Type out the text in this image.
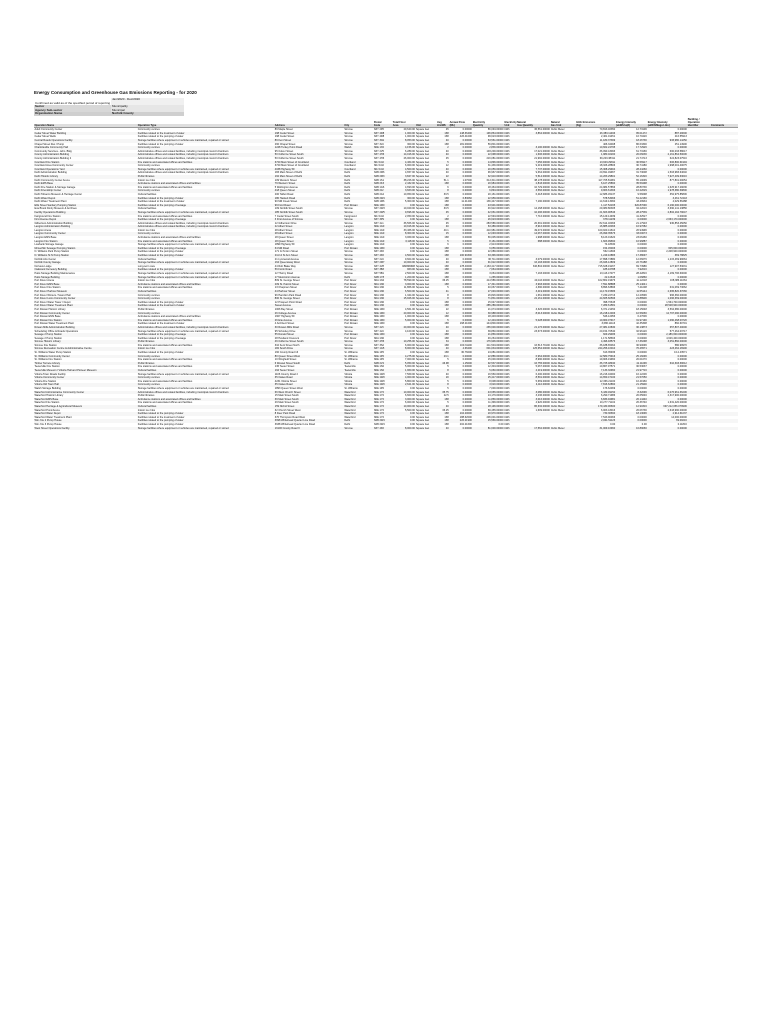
Energy Consumption and Greenhouse Gas Emissions Reporting - for 2020
	Jan/2020 - Dec/2020
Confirmed as valid as of the specified period of reporting	
Sector	Municipality
Agency Sub-sector	Municipal
Organization Name	Norfolk County
				Postal	Total Floor		Avg	Annual Flow	Electricity	Electricity	Natural	Natural	GHG Emissions	Energy Intensity	Energy Intensity	Building / Operation	
Operation Name	Operation Type	Address	City	Code	Area	Unit	Hrs/Wk	(ML)	Quantity	Unit	Gas Quantity	Gas Unit	(Kg)	(ekWh/sqft)	(ekWh/Mega Litre)	Identifier	Comments
Adult Community Center	Community centres	89 Maple Street	Simcoe	N3Y 2P6	29,640.00	Square feet	45	0.00000	86,094.00000	kWh	36,561.00000	Cubic Meter	70,813.46350	12.73106	0.00000		
Cedar Street Water Building	Facilities related to the treatment of water	198 Cedar Street	Simcoe	N3Y 4R8	1,000.00	Square feet	168	148.36400	196,864.00000	kWh	3,864.00000	Cubic Meter	26,383.11496	95.01472	887.29600		
Cedar Street Wells	Facilities related to the pumping of water	198 Cedar Street	Simcoe	N3Y 4R8	1,000.00	Square feet	168	426.41000	99,623.00000	kWh			2,461.01451	16.70420	216.55913		
Central Roads Operations Facility	Storage facilities where equipment or vehicles are maintained, repaired or stored	89 Kent Street	Simcoe	N3Y 3A9	8,053.00	Square feet	40	0.00000	63,561.00000	kWh			11,180.37399	18.26736	933,980.14250		
Chapel Street Res / Pump	Facilities related to the pumping of water	260 Chapel Street	Simcoe	N3Y 3L9	300.00	Square feet	168	181.09000	56,801.00000	kWh			406.34008	86.63300	251.14900		
Charlotteville Community Hall	Community centres	1248 Turkey Point Road	Walsh	N0E 1X0	4,156.00	Square feet	2	0.00000	2,836.00000	kWh	3,100.00000	Cubic Meter	10,662.24795	17.72926	0.00000		
Community Services - Adm. Bldg	Administrative offices and related facilities, including municipal council chambers	95 Culver Street	Simcoe	N3Y 2V5	6,289.00	Square feet	40	0.00000	103,200.00000	kWh	17,021.00000	Cubic Meter	36,090.43093	61.73166	600,033.58017		
County Administration Building	Administrative offices and related facilities, including municipal council chambers	50 Colborne Street South	Simcoe	N3Y 4H3	14,016.00	Square feet	40	0.00000	22,698.00000	kWh	1,606.00000	Cubic Meter	1,980.02200	20.06036	2,161,864.50006		
County Administration Building 2	Administrative offices and related facilities, including municipal council chambers	50 Colborne Street South	Simcoe	N3Y 4H3	26,000.00	Square feet	45	0.00000	216,081.00000	kWh	21,992.00000	Cubic Meter	69,203.38311	21.74713	624,823.07516		
Courtland Fire Station	Fire stations and associated offices and facilities	3720 Main Street of Courtland	Courtland	N0J 1G0	4,464.00	Square feet	5	0.00000	14,896.00000	kWh	7,056.00000	Cubic Meter	13,603.29811	30.56917	606,800.61994		
Courtland Area Community Center	Community centres	3720 Main Street of Courtland	Courtland	N0J 1G0	6,000.00	Square feet	12	0.00000	31,436.00000	kWh	9,219.00000	Cubic Meter	18,326.28806	30.74180	1,998,001.40075		
Courtland Operations Yard	Storage facilities where equipment or vehicles are maintained, repaired or stored	4038 Highway 59	Courtland	N0J 1G0	4,500.00	Square feet	40	0.00000	20,056.00000	kWh	7,737.00000	Cubic Meter	15,308.29904	28.44260	0.00000		
Delhi Administration Building	Administrative offices and related facilities, including municipal council chambers	183 Main Street of Delhi	Delhi	N4B 2M6	4,657.00	Square feet	40	0.00000	96,967.00000	kWh	9,664.00000	Cubic Meter	20,691.49967	31.73008	1,503,983.64640		
Delhi Historic Library	Public libraries	192 Main Street of Delhi	Delhi	N4B 2M3	3,847.00	Square feet	22	0.00000	32,910.00000	kWh	5,514.00000	Cubic Meter	14,263.29801	52.16320	7,927,409.63016		
Delhi Community Center Arena	Indoor ice rinks	109 Western Street	Delhi	N4B 1S1	38,226.00	Square feet	51.1	1.07000	612,611.00000	kWh	38,178.00000	Cubic Meter	117,705.81081	65.10099	877,801.00054		
Delhi EMS Base	Ambulance stations and associated offices and facilities	79 Western Street	Delhi	N4B 2K3	2,432.00	Square feet	168	0.00000	20,984.00000	kWh	2,843.00000	Cubic Meter	6,107.25860	35.59498	0.00000		
Delhi Fire Station & Storage Garage	Fire stations and associated offices and facilities	5 Wellington Avenue	Delhi	N4B 1G6	4,693.00	Square feet	6	0.00000	18,464.00000	kWh	10,729.00000	Cubic Meter	24,984.57856	28.80736	1,625,917.29036		
Delhi Friendship Center	Community centres	418 Queen Street	Delhi	N4B 2J2	3,663.00	Square feet	8	0.00000	6,894.00000	kWh	3,566.00000	Cubic Meter	9,963.61366	16.22629	1,978,380.39800		
Delhi Tobacco Museum & Heritage Center	Cultural facilities	200 Talbot Road	Delhi	N4B 2A2	10,950.00	Square feet	33.5	0.00000	20,161.00000	kWh	6,418.00000	Cubic Meter	12,686.45137	9.56698	352,975.85806		
Delhi Water Depot	Facilities related to the pumping of water	180 Hackett Road	Delhi	N4B 2W4	300.00	Square feet	168	6.83060	22,959.00000	kWh			578.53066	51.22166	3,461.72443		
Delhi Water Treatment Plant	Facilities related to the treatment of water	90 Mill Creek Street	Delhi	N4B 1M6	5,300.00	Square feet	168	11.21200	136,447.00000	kWh	7,190.00000	Cubic Meter	14,619.13060	43.49934	4,029.56488		
Ellis Street Sanitary Pumping Station	Facilities related to the pumping of sewage	99 Ford Road	Port Rowan	N0E 1M0	0.00	Square feet	168	0.00000	43,901.00000	kWh			1,117.52165	620.87090	6,190,000.00000		
Eva Brook Donly Museum & Archives	Cultural facilities	109 Norfolk Street South	Simcoe	N3Y 2W3	10,029.00	Square feet	33.5	0.00000	46,922.00000	kWh	14,168.00000	Cubic Meter	29,080.80305	34.22016	3,690,141.13856		
Facility Operations Building	Storage facilities where equipment or vehicles are maintained, repaired or stored	185 Norfolk Street South	Simcoe	N3Y 2W5	9,696.00	Square feet	45	0.00000	42,661.00000	kWh	10,296.00000	Cubic Meter	21,603.96546	28.47539	2,802,194.79047		
Fairground Fire Station	Fire stations and associated offices and facilities	7 Cedar Street South	Fairground	N0J 1G0	2,050.00	Square feet	2	0.00000	22,594.00000	kWh	7,716.00000	Cubic Meter	15,129.14939	41.32527	0.00000		
First Avenue Depot	Facilities related to the pumping of sewage	3 First Avenue of Simcoe	Simcoe	N3Y 3P9	0.00	Square feet	168	0.00000	26,623.00000	kWh			678.11239	0.00000	2,663,170.000000		
Gilbertson Administration Building	Administrative offices and related facilities, including municipal council chambers	12 Gilbertson Drive	Simcoe	N3Y 4L1	36,566.00	Square feet	45	0.00000	283,586.00000	kWh	20,691.00000	Cubic Meter	82,614.46066	21.17903	930,853.45050		
Langton Administration Building	Administrative offices and related facilities, including municipal council chambers	22 Albert Street	Langton	N0E 1G0	10,916.00	Square feet	40	0.00000	63,489.00000	kWh	8,916.00000	Cubic Meter	16,885.46066	16.97082	0.00000		
Langton Arena	Indoor ice rinks	28 Albert Street	Langton	N0E 1G0	33,466.00	Square feet	40.1	0.00000	410,981.00000	kWh	49,074.00000	Cubic Meter	100,920.41610	26.94996	0.00000		
Langton Community Center	Community centres	28 Albert Street	Langton	N0E 1G0	8,300.00	Square feet	15	0.00000	12,093.00000	kWh	14,067.00000	Cubic Meter	26,099.35676	33.00073	0.00000		
Langton EMS Base	Ambulance stations and associated offices and facilities	18 Queen Street	Langton	N0E 1G0	3,069.00	Square feet	168	0.00000	66,005.00000	kWh	1,998.00000	Cubic Meter	8,123.01620	23.06460	0.00000		
Langton Fire Station	Fire stations and associated offices and facilities	18 Queen Street	Langton	N0E 1G0	3,118.00	Square feet	5	0.00000	8,161.00000	kWh	688.00000	Cubic Meter	1,603.99660	16.96887	0.00000		
Lowbank Storage Garage	Storage facilities where equipment or vehicles are maintained, repaired or stored	1899 Highway 59	Langton	N0E 1G0	0.00	Square feet	6	0.00000	2,913.00000	kWh			74.18330	0.00000	0.00000		
McLachlin Sewage Pumping Station	Facilities related to the pumping of sewage	34 Mill Road	Port Rowan	N0E 1M0	0.00	Square feet	168	0.00000	6,056.00000	kWh			154.45006	0.00000	605,600.000000		
N. Williams Park Pump Station	Facilities related to the pumping of water	171 Ivl St Ann Street	Simcoe	N3Y 4K6	0.00	Square feet	168	0.00000	22,089.00000	kWh			562.11696	0.00000	2,208,900.000000		
N. Williams St N Pump Station	Facilities related to the pumping of water	211 Ivl St Ann Street	Simcoe	N3Y 4K6	4,500.00	Square feet	168	100.90300	33,396.00000	kWh			1,249.10883	17.38097	369.78825		
Norfolk Arts Center	Cultural facilities	21 Lynnwood Avenue	Simcoe	N3Y 2L9	9,604.00	Square feet	40	0.00000	36,711.00000	kWh	3,079.00000	Cubic Meter	17,898.72880	12.66676	1,215,469.99664		
Norfolk County Garage	Storage facilities where equipment or vehicles are maintained, repaired or stored	164 Queensway West	Simcoe	N3Y 2M7	10,000.00	Square feet	40	0.00000	91,622.00000	kWh	16,193.00000	Cubic Meter	26,946.12809	22.76188	0.00000		
Norview Lodge	Long-term care	44 Rob Blake Way	Simcoe	N3Y 4V8	#########	Square feet	168	178.40000	2,163,417.00000	kWh	346,804.00000	Cubic Meter	715,628.19267	69.73986	127,907.53031		
Oakwood Cemetery Building	Facilities related to the pumping of water	56 Fortin Road	Simcoe	N3Y 3B3	963.00	Square feet	168	0.00000	7,664.00000	kWh			185.16788	7.92016	0.00000		
Patio Storage Building Maintenance	Storage facilities where equipment or vehicles are maintained, repaired or stored	12 Thorny Road	Simcoe	N3Y 5B1	2,500.00	Square feet	168	0.00000	3,064.00000	kWh	7,193.00000	Cubic Meter	13,116.47077	28.42816	4,169,796.60000		
Patio Storage Building	Storage facilities where equipment or vehicles are maintained, repaired or stored	17 Mexicomm Avenue	Delhi	N4B 1Y8	1,200.00	Square feet	168	0.00000	1,265.00000	kWh			22.12643	1.06860	0.00000		
Port Dover Arena	Indoor ice rinks	809 St. George Street	Port Dover	N0A 1N4	78,599.00	Square feet	36.25	2.46500	414,586.00000	kWh	40,116.00000	Cubic Meter	102,862.19976	11.12218	168,386.11664		
Port Dover EMS Base	Ambulance stations and associated offices and facilities	209 St. Patrick Street	Port Dover	N0A 1N0	3,000.00	Square feet	168	0.00000	17,341.00000	kWh	3,993.00000	Cubic Meter	7,591.88888	25.14041	0.00000		
Port Dover Fire Station	Fire stations and associated offices and facilities	13 Chapman Street	Port Dover	N0A 1N0	11,866.00	Square feet	5	0.00000	40,067.00000	kWh	4,390.00000	Cubic Meter	8,896.63896	7.41008	631,069.73662		
Port Dover Harbour Museum	Cultural facilities	44 Harbour Street	Port Dover	N0A 1N0	6,500.00	Square feet	41	0.00000	27,049.00000	kWh	3,419.00000	Cubic Meter	14,170.15686	11.55144	2,695,820.37066		
Port Dover Winters / Sound Hall	Community centres	96 Hamilton Park Road	Port Dover	N0A 1N0	1,344.00	Square feet	8	0.00000	26,826.00000	kWh	1,661.00000	Cubic Meter	7,230.22716	12.20596	996,360.00000		
Port Dover Lions Community Center	Community centres	800 St. George Street	Port Dover	N0A 1N0	15,926.00	Square feet	8	0.00000	71,831.00000	kWh	22,161.00000	Cubic Meter	44,665.60596	21.88906	1,096,369.00000		
Port Dover Water Tower / Depot	Facilities related to the pumping of water	12 Prospect Point Road	Port Dover	N0A 1N0	0.00	Square feet	168	0.00000	15,647.00000	kWh			398.76645	0.00000	1,564,700.000000		
Port Dover Water Treatment Plant	Facilities related to the treatment of water	Sweet Avenue	Port Dover	N0A 1N0	0.00	Square feet	168	0.00000	285,289.00000	kWh			7,289.61581	0.00000	28,528,900.000000		
Port Rowan Historic Library	Public libraries	1006 Bay Street	Port Rowan	N0E 1M0	4,561.00	Square feet	22	0.00000	21,074.00000	kWh	3,326.00000	Cubic Meter	6,371.21450	18.15648	3,564,680.00000		
Port Rowan Community Center	Community centres	26 College Avenue	Port Rowan	N0E 1M0	20,000.00	Square feet	12	0.00000	30,988.00000	kWh	8,013.00000	Cubic Meter	16,218.12006	10.56066	12,797,090.00000		
Port Rowan EMS Base	Ambulance stations and associated offices and facilities	1607 Highway 59	Port Rowan	N0E 1M0	1,000.00	Square feet	168	0.00000	18,403.00000	kWh			546.12056	6.47606	0.00000		
Port Rowan Fire Station	Fire stations and associated offices and facilities	26 Erie Avenue	Port Rowan	N0E 1M0	5,000.00	Square feet	5	0.00000	12,404.00000	kWh	5,028.00000	Cubic Meter	10,960.07917	31.97190	1,090,468.03720		
Port Rowan Water Treatment Plant	Facilities related to the treatment of water	4 Architect Street	Port Rowan	N0E 1M0	0.00	Square feet	168	168.21000	144,800.00000	kWh			3,686.11116	42.35308	860.60701		
Rowan Mills Administration Building	Administrative offices and related facilities, including municipal council chambers	30 Rowan Mills Road	Simcoe	N3Y 4L5	20,000.00	Square feet	40	0.00000	265,600.00000	kWh	21,176.00000	Cubic Meter	27,081.16830	36.13873	657,807.40000		
Scheduling Office & Roads Operations	Storage facilities where equipment or vehicles are maintained, repaired or stored	95 Schooley Drive	Simcoe	N3Y 4L9	4,100.00	Square feet	40	0.00000	39,860.00000	kWh	23,673.00000	Cubic Meter	20,154.70540	32.96120	577,264.03717		
Sewage 2 Pump Station	Facilities related to the pumping of sewage	55 Donald Street	Port Rowan	N0E 1M0	0.00	Square feet	168	0.00000	21,866.00000	kWh			609.29486	0.00000	2,186,600.000000		
Sewage 2 Pump Station	Facilities related to the pumping of sewage	28 Haviland Crescent	Port Dover	N0A 1N0	0.00	Square feet	168	0.00000	46,264.00000	kWh			1,171.58666	0.00000	4,626,400.000000		
Simcoe Historic Library	Public libraries	46 Colborne Street South	Simcoe	N3Y 4H3	10,256.00	Square feet	34	0.00000	176,906.00000	kWh			4,496.93576	17.36298	3,051,860.00000		
Simcoe Fire Station	Fire stations and associated offices and facilities	310 Kent Street North	Simcoe	N3Y 3S2	6,000.00	Square feet	168	160.31100	211,504.00000	kWh	16,513.79100	Cubic Meter	36,188.65064	30.90096	580.99970		
Simcoe Recreation Centre & Administrative Centre	Indoor ice rinks	182 South Drive	Simcoe	N3Y 1G5	8,000.00	Square feet	40	4.66200	601,034.00000	kWh	125,654.00000	Cubic Meter	244,256.16010	76.46571	423,462.16900		
St. Williams Water Pump Station	Facilities related to the pumping of water	160 County Road 16	St. Williams	N0E 1P0	0.00	Square feet	168	30.76000	24,081.00000	kWh			613.35936	0.00000	0.12.43571		
St. Williams Community Center	Community centres	80 Queen Street West	St. Williams	N0E 1P0	4,275.00	Square feet	23.1	0.00000	22,886.00000	kWh	6,964.00000	Cubic Meter	12,580.75916	25.16096	0.00000		
St. Williams Fire Station	Fire stations and associated offices and facilities	10 Wingfield Street	St. Williams	N0E 1P0	7,000.00	Square feet	5	0.00000	15,000.00000	kWh	8,990.00000	Cubic Meter	19,906.19960	20.01670	0.00000		
Timber Terrace Library	Public libraries	6 Wessel Street South	Delhi	N4B 2V2	5,050.00	Square feet	46.98	1.15000	92,537.00000	kWh	16,755.00000	Cubic Meter	36,725.48940	41.11096	610,303.39612		
Teeterville Fire Station	Fire stations and associated offices and facilities	136 Teeter Street	Teeterville	N0E 1S0	5,000.00	Square feet	5	0.00000	12,304.00000	kWh	5,067.00000	Cubic Meter	10,867.97571	30.53037	0.00000		
Teeterville Museum / Vittoria Hall and Pioneer Museum	Cultural facilities	194 Teeter Street	Teeterville	N0E 1S0	1,960.00	Square feet	8	0.00000	5,060.00000	kWh	4,219.00000	Cubic Meter	7,133.32960	21.97716	0.00000		
Vittoria Town Roads Facility	Storage facilities where equipment or vehicles are maintained, repaired or stored	1106 County Road 2	Vittoria	N0E 1W0	7,569.00	Square feet	40	0.00000	16,560.00000	kWh	6,400.00000	Cubic Meter	16,216.04000	16.12206	0.00000		
Vittoria Community Center	Community centres	35 Oakes Road	Vittoria	N0E 1W0	4,000.00	Square feet	20	0.00000	25,417.00000	kWh	8,591.00000	Cubic Meter	14,650.47100	21.57050	0.00000		
Vittoria Fire Station	Fire stations and associated offices and facilities	4231 Vittoria Street	Vittoria	N0E 1W0	5,800.00	Square feet	5	0.00000	8,608.00000	kWh	5,669.00000	Cubic Meter	12,366.21100	16.41960	0.00000		
Vittoria Old Town Hall	Community centres	35 Oakes Road	Vittoria	N0E 1W0	2,621.00	Square feet	8	0.00000	3,620.00000	kWh	4,110.00000	Cubic Meter	7,816.62860	21.15900	0.00000		
Walsh Storage Building	Storage facilities where equipment or vehicles are maintained, repaired or stored	1893 Queen Street West	St. Williams	N0E 1P0	0.00	Square feet	5	0.00000	7,000.00000	kWh			176.62069	0.00000	0.00000		
Waterford Administrative Community Center	Administrative offices and related facilities, including municipal council chambers	66 West Church Street	Waterford	N0E 1Y0	10,000.00	Square feet	35.75	0.00000	43,665.00000	kWh	3,080.00000	Cubic Meter	6,430.49150	8.32096	6,076,961.36206		
Waterford Historic Library	Public libraries	15 Main Street South	Waterford	N0E 1Y0	6,600.00	Square feet	22.5	0.00000	24,179.00000	kWh	3,236.00000	Cubic Meter	6,290.71986	20.65646	2,317,900.00000		
Waterford EMS Base	Ambulance stations and associated offices and facilities	39 Main Street South	Waterford	N0E 1Y0	3,000.00	Square feet	168	0.00000	11,866.00000	kWh	3,016.00000	Cubic Meter	6,833.94981	26.14440	0.00000		
Waterford Fire Station	Fire stations and associated offices and facilities	29 Main Street South	Waterford	N0E 1Y0	6,000.00	Square feet	5	0.00000	11,399.00000	kWh	4,920.00000	Cubic Meter	10,277.71102	26.36740	1,631,420.00000		
Waterford Heritage & Agricultural Museum	Cultural facilities	159 Nichol Street	Waterford	N0E 1Y0	10,000.00	Square feet	40	0.00000	28,196.00000	kWh	86,632.00000	Cubic Meter	179,430.96600	12.90316	697,212,056.079906		
Waterford Pond Arena	Indoor ice rinks	32 Church Street West	Waterford	N0E 1Y0	5,500.00	Square feet	33.25	0.00000	69,465.00000	kWh	1,609.00000	Cubic Meter	6,003.43016	26.06736	2,643,990.00000		
Waterford Water Depot	Facilities related to the pumping of water	8 Deer Park Road	Waterford	N0E 1Y0	0.00	Square feet	168	104.20000	20,970.00000	kWh			730.36660	18.13096	2,914.61037		
Waterford Water Treatment Plant	Facilities related to the treatment of water	370 Thompson Road West	Waterford	N0E 1Y0	0.00	Square feet	168	188.62000	206,001.00000	kWh			7,543.90066	0.00000	14,000.00000		
Win-You 2 Pump House	Facilities related to the pumping of water	3698 Whitehead Quarter Line Road	Delhi	N4B 2W4	0.00	Square feet	168	226.21900	15,566.00000	kWh			2,001.51126	0.00000	69.09216		
Win-You 3 Pump House	Facilities related to the pumping of water	3638 Whitehead Quarter Line Road	Delhi	N4B 2W4	0.00	Square feet	168	202.21600	0.00	kWh			0.00	0.00	0.11816		
West Street Operations Facility	Storage facilities where equipment or vehicles are maintained, repaired or stored	16106 County Road 3	Simcoe	N3Y 4K6	8,000.00	Square feet	40	0.00000	81,600.00000	kWh	17,562.00000	Cubic Meter	31,009.16960	16.89066	0.00000		
